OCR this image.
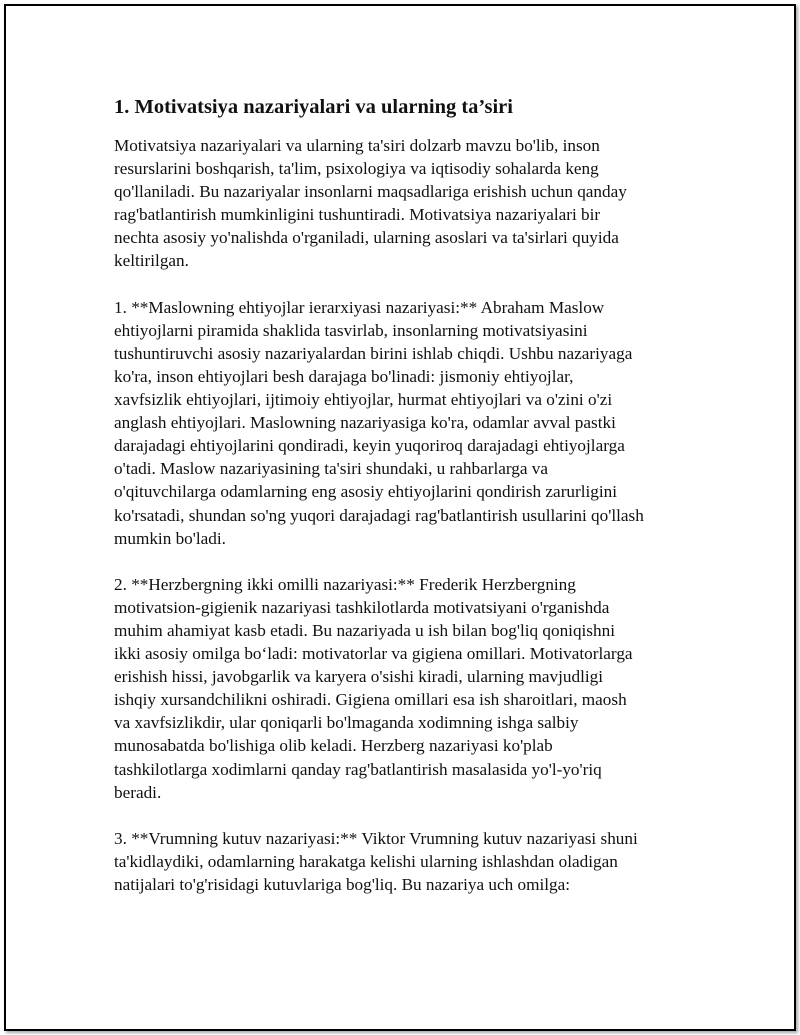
1. Motivatsiya nazariyalari va ularning ta’siri

Motivatsiya nazariyalari va ularning ta'siri dolzarb mavzu bo'lib, inson
resurslarini boshqarish, ta'lim, psixologiya va iqtisodiy sohalarda keng
qo'llaniladi. Bu nazariyalar insonlarni maqsadlariga erishish uchun qanday
rag'batlantirish mumkinligini tushuntiradi. Motivatsiya nazariyalari bir
nechta asosiy yo'nalishda o'rganiladi, ularning asoslari va ta'sirlari quyida
keltirilgan.

1. **Maslowning ehtiyojlar ierarxiyasi nazariyasi:** Abraham Maslow
ehtiyojlarni piramida shaklida tasvirlab, insonlarning motivatsiyasini
tushuntiruvchi asosiy nazariyalardan birini ishlab chiqdi. Ushbu nazariyaga
ko'ra, inson ehtiyojlari besh darajaga bo'linadi: jismoniy ehtiyojlar,
xavfsizlik ehtiyojlari, ijtimoiy ehtiyojlar, hurmat ehtiyojlari va o'zini o'zi
anglash ehtiyojlari. Maslowning nazariyasiga ko'ra, odamlar avval pastki
darajadagi ehtiyojlarini qondiradi, keyin yuqoriroq darajadagi ehtiyojlarga
o'tadi. Maslow nazariyasining ta'siri shundaki, u rahbarlarga va
o'qituvchilarga odamlarning eng asosiy ehtiyojlarini qondirish zarurligini
ko'rsatadi, shundan so'ng yuqori darajadagi rag'batlantirish usullarini qo'llash
mumkin bo'ladi.

2. **Herzbergning ikki omilli nazariyasi:** Frederik Herzbergning
motivatsion-gigienik nazariyasi tashkilotlarda motivatsiyani o'rganishda
muhim ahamiyat kasb etadi. Bu nazariyada u ish bilan bog'liq qoniqishni
ikki asosiy omilga bo‘ladi: motivatorlar va gigiena omillari. Motivatorlarga
erishish hissi, javobgarlik va karyera o'sishi kiradi, ularning mavjudligi
ishqiy xursandchilikni oshiradi. Gigiena omillari esa ish sharoitlari, maosh
va xavfsizlikdir, ular qoniqarli bo'lmaganda xodimning ishga salbiy
munosabatda bo'lishiga olib keladi. Herzberg nazariyasi ko'plab
tashkilotlarga xodimlarni qanday rag'batlantirish masalasida yo'l-yo'riq
beradi.

3. **Vrumning kutuv nazariyasi:** Viktor Vrumning kutuv nazariyasi shuni
ta'kidlaydiki, odamlarning harakatga kelishi ularning ishlashdan oladigan
natijalari to'g'risidagi kutuvlariga bog'liq. Bu nazariya uch omilga:
